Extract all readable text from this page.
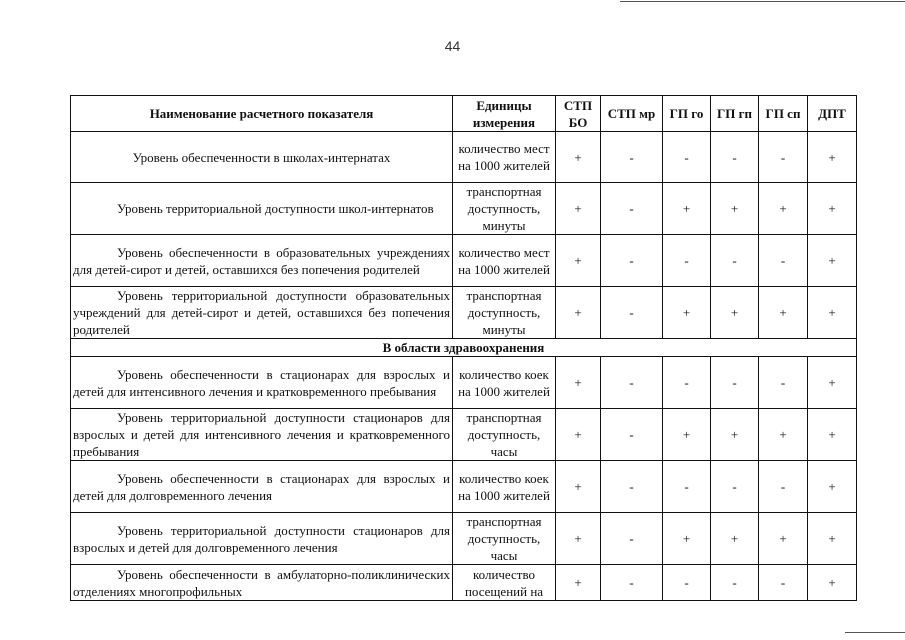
44
Наименование расчетного показателя	Единицы измерения	СТП БО	СТП мр	ГП го	ГП гп	ГП сп	ДПТ
Уровень обеспеченности в школах-интернатах	количество мест на 1000 жителей	+	-	-	-	-	+
Уровень территориальной доступности школ-интернатов	транспортная доступность, минуты	+	-	+	+	+	+
Уровень обеспеченности в образовательных учреждениях для детей-сирот и детей, оставшихся без попечения родителей	количество мест на 1000 жителей	+	-	-	-	-	+
Уровень территориальной доступности образовательных учреждений для детей-сирот и детей, оставшихся без попечения родителей	транспортная доступность, минуты	+	-	+	+	+	+
В области здравоохранения							
Уровень обеспеченности в стационарах для взрослых и детей для интенсивного лечения и кратковременного пребывания	количество коек на 1000 жителей	+	-	-	-	-	+
Уровень территориальной доступности стационаров для взрослых и детей для интенсивного лечения и кратковременного пребывания	транспортная доступность, часы	+	-	+	+	+	+
Уровень обеспеченности в стационарах для взрослых и детей для долговременного лечения	количество коек на 1000 жителей	+	-	-	-	-	+
Уровень территориальной доступности стационаров для взрослых и детей для долговременного лечения	транспортная доступность, часы	+	-	+	+	+	+
Уровень обеспеченности в амбулаторно-поликлинических отделениях многопрофильных	количество посещений на	+	-	-	-	-	+
